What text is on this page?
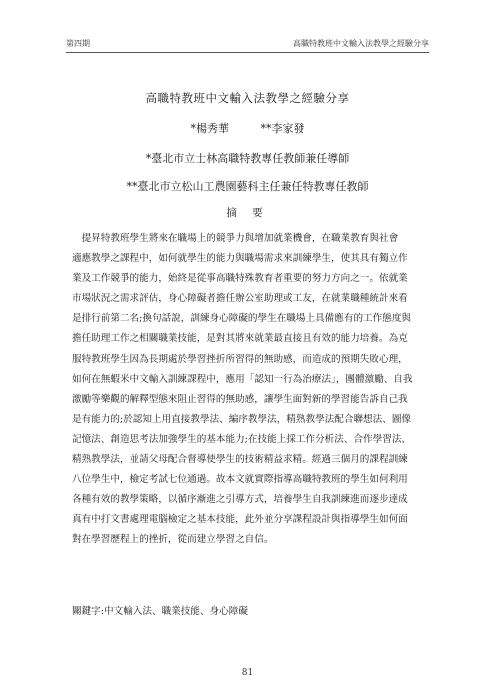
第四期	高職特教班中文輸入法教學之經驗分享
高職特教班中文輸入法教學之經驗分享
*楊秀華	**李家發
*臺北市立士林高職特教專任教師兼任導師
**臺北市立松山工農園藝科主任兼任特教專任教師
摘 要
　提昇特教班學生將來在職場上的競爭力與增加就業機會，在職業教育與社會
適應教學之課程中，如何就學生的能力與職場需求來訓練學生，使其具有獨立作
業及工作競爭的能力，始終是從事高職特殊教育者重要的努力方向之一。依就業
市場狀況之需求評估，身心障礙者擔任辦公室助理或工友，在就業職種統計來看
是排行前第二名;換句話說，訓練身心障礙的學生在職場上具備應有的工作態度與
擔任助理工作之相關職業技能，是對其將來就業最直接且有效的能力培養。為克
服特教班學生因為長期處於學習挫折所習得的無助感，而造成的預期失敗心理，
如何在無蝦米中文輸入訓練課程中，應用「認知一行為治療法」，團體激勵、自我
激勵等樂觀的解釋型態來阻止習得的無助感，讓學生面對新的學習能告訴自己我
是有能力的;於認知上用直接教學法、編序教學法，精熟教學法配合聯想法、圖像
記憶法、創造思考法加強學生的基本能力;在技能上採工作分析法、合作學習法、
精熟教學法，並請父母配合督導使學生的技術精益求精。經過三個月的課程訓練
八位學生中，檢定考試七位通過。故本文就實際指導高職特教班的學生如何利用
各種有效的教學策略，以循序漸進之引導方式，培養學生自我訓練進而逐步達成
真有中打文書處理電腦檢定之基本技能，此外並分享課程設計與指導學生如何面
對在學習歷程上的挫折，從而建立學習之自信。
關鍵字:中文輸入法、職業技能、身心障礙
81
